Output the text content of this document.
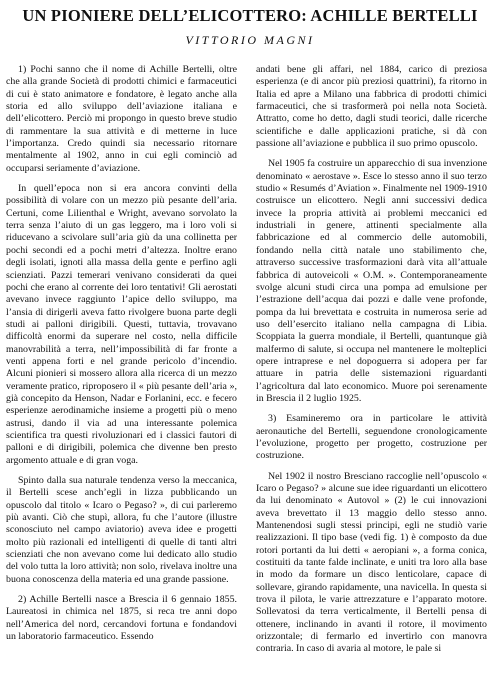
UN PIONIERE DELL’ELICOTTERO: ACHILLE BERTELLI
VITTORIO MAGNI

1) Pochi sanno che il nome di Achille Bertelli, oltre che alla grande Società di prodotti chimici e farmaceutici di cui è stato animatore e fondatore, è legato anche alla storia ed allo sviluppo dell’aviazione italiana e dell’elicottero. Perciò mi propongo in questo breve studio di rammentare la sua attività e di metterne in luce l’importanza. Credo quindi sia necessario ritornare mentalmente al 1902, anno in cui egli cominciò ad occuparsi seriamente d’aviazione.

In quell’epoca non si era ancora convinti della possibilità di volare con un mezzo più pesante dell’aria. Certuni, come Lilienthal e Wright, avevano sorvolato la terra senza l’aiuto di un gas leggero, ma i loro voli si riducevano a scivolare sull’aria giù da una collinetta per pochi secondi ed a pochi metri d’altezza. Inoltre erano degli isolati, ignoti alla massa della gente e perfino agli scienziati. Pazzi temerari venivano considerati da quei pochi che erano al corrente dei loro tentativi! Gli aerostati avevano invece raggiunto l’apice dello sviluppo, ma l’ansia di dirigerli aveva fatto rivolgere buona parte degli studi ai palloni dirigibili. Questi, tuttavia, trovavano difficoltà enormi da superare nel costo, nella difficile manovrabilità a terra, nell’impossibilità di far fronte a venti appena forti e nel grande pericolo d’incendio. Alcuni pionieri si mossero allora alla ricerca di un mezzo veramente pratico, riproposero il « più pesante dell’aria », già concepito da Henson, Nadar e Forlanini, ecc. e fecero esperienze aerodinamiche insieme a progetti più o meno astrusi, dando il via ad una interessante polemica scientifica tra questi rivoluzionari ed i classici fautori di palloni e di dirigibili, polemica che divenne ben presto argomento attuale e di gran voga.

Spinto dalla sua naturale tendenza verso la meccanica, il Bertelli scese anch’egli in lizza pubblicando un opuscolo dal titolo « Icaro o Pegaso? », di cui parleremo più avanti. Ciò che stupì, allora, fu che l’autore (illustre sconosciuto nel campo aviatorio) aveva idee e progetti molto più razionali ed intelligenti di quelle di tanti altri scienziati che non avevano come lui dedicato allo studio del volo tutta la loro attività; non solo, rivelava inoltre una buona conoscenza della materia ed una grande passione.

2) Achille Bertelli nasce a Brescia il 6 gennaio 1855. Laureatosi in chimica nel 1875, si reca tre anni dopo nell’America del nord, cercandovi fortuna e fondandovi un laboratorio farmaceutico. Essendo

andati bene gli affari, nel 1884, carico di preziosa esperienza (e di ancor più preziosi quattrini), fa ritorno in Italia ed apre a Milano una fabbrica di prodotti chimici farmaceutici, che si trasformerà poi nella nota Società. Attratto, come ho detto, dagli studi teorici, dalle ricerche scientifiche e dalle applicazioni pratiche, si dà con passione all’aviazione e pubblica il suo primo opuscolo.

Nel 1905 fa costruire un apparecchio di sua invenzione denominato « aerostave ». Esce lo stesso anno il suo terzo studio « Resumés d’Aviation ». Finalmente nel 1909-1910 costruisce un elicottero. Negli anni successivi dedica invece la propria attività ai problemi meccanici ed industriali in genere, attinenti specialmente alla fabbricazione ed al commercio delle automobili, fondando nella città natale uno stabilimento che, attraverso successive trasformazioni darà vita all’attuale fabbrica di autoveicoli « O.M. ». Contemporaneamente svolge alcuni studi circa una pompa ad emulsione per l’estrazione dell’acqua dai pozzi e dalle vene profonde, pompa da lui brevettata e costruita in numerosa serie ad uso dell’esercito italiano nella campagna di Libia. Scoppiata la guerra mondiale, il Bertelli, quantunque già malfermo di salute, si occupa nel mantenere le molteplici opere intraprese e nel dopoguerra si adopera per far attuare in patria delle sistemazioni riguardanti l’agricoltura dal lato economico. Muore poi serenamente in Brescia il 2 luglio 1925.

3) Esamineremo ora in particolare le attività aeronautiche del Bertelli, seguendone cronologicamente l’evoluzione, progetto per progetto, costruzione per costruzione.

Nel 1902 il nostro Bresciano raccoglie nell’opuscolo « Icaro o Pegaso? » alcune sue idee riguardanti un elicottero da lui denominato « Autovol » (2) le cui innovazioni aveva brevettato il 13 maggio dello stesso anno. Mantenendosi sugli stessi principi, egli ne studiò varie realizzazioni. Il tipo base (vedi fig. 1) è composto da due rotori portanti da lui detti « aeropiani », a forma conica, costituiti da tante falde inclinate, e uniti tra loro alla base in modo da formare un disco lenticolare, capace di sollevare, girando rapidamente, una navicella. In questa si trova il pilota, le varie attrezzature e l’apparato motore. Sollevatosi da terra verticalmente, il Bertelli pensa di ottenere, inclinando in avanti il rotore, il movimento orizzontale; di fermarlo ed invertirlo con manovra contraria. In caso di avaria al motore, le pale si
